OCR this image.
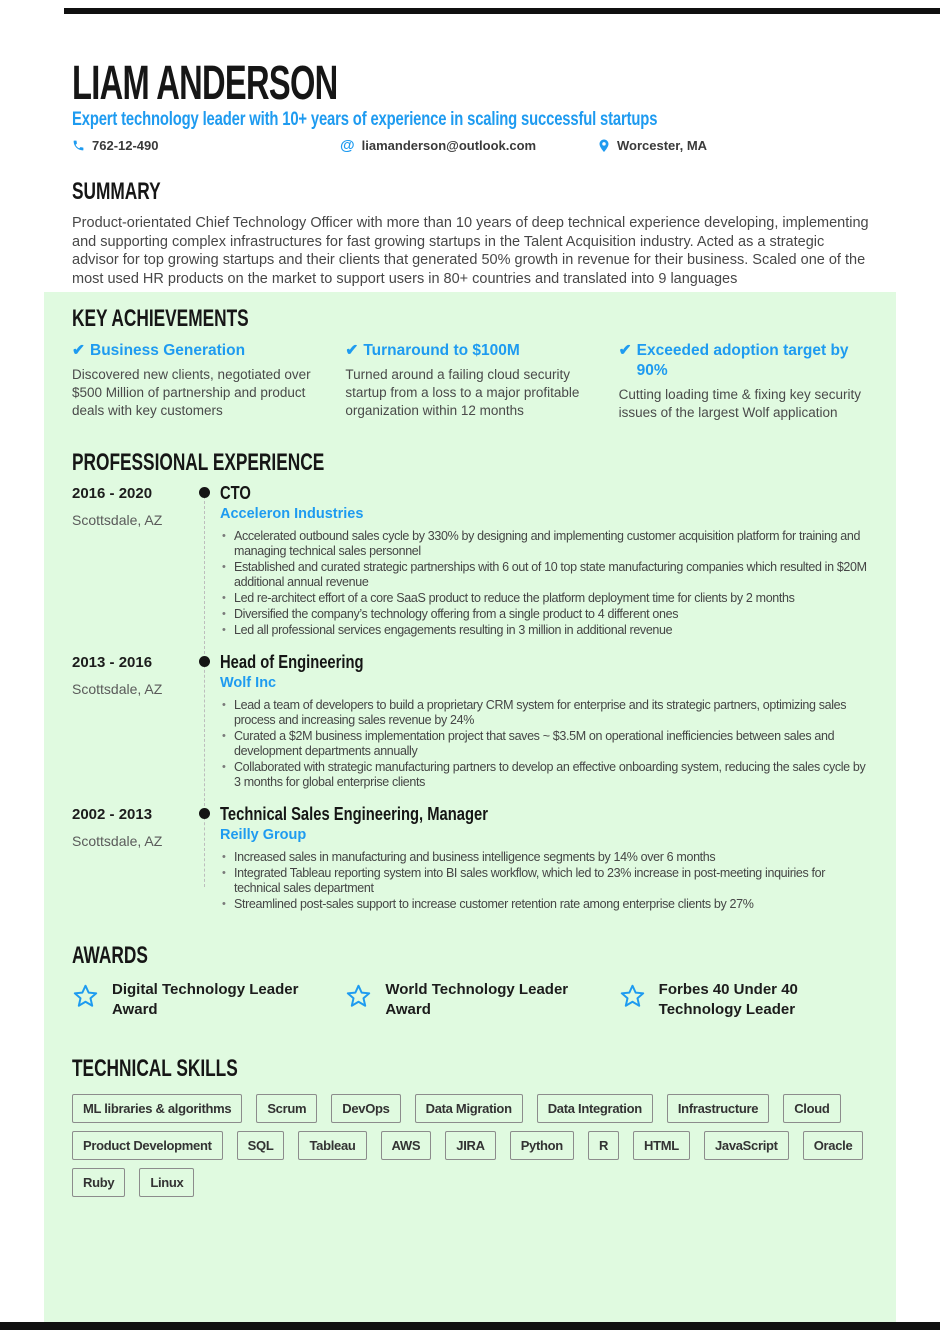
LIAM ANDERSON
Expert technology leader with 10+ years of experience in scaling successful startups
762-12-490	@ liamanderson@outlook.com	Worcester, MA
SUMMARY
Product-orientated Chief Technology Officer with more than 10 years of deep technical experience developing, implementing and supporting complex infrastructures for fast growing startups in the Talent Acquisition industry. Acted as a strategic advisor for top growing startups and their clients that generated 50% growth in revenue for their business. Scaled one of the most used HR products on the market to support users in 80+ countries and translated into 9 languages
KEY ACHIEVEMENTS
✔ Business Generation
Discovered new clients, negotiated over $500 Million of partnership and product deals with key customers
✔ Turnaround to $100M
Turned around a failing cloud security startup from a loss to a major profitable organization within 12 months
✔ Exceeded adoption target by 90%
Cutting loading time & fixing key security issues of the largest Wolf application
PROFESSIONAL EXPERIENCE
2016 - 2020
Scottsdale, AZ
CTO
Acceleron Industries
• Accelerated outbound sales cycle by 330% by designing and implementing customer acquisition platform for training and managing technical sales personnel
• Established and curated strategic partnerships with 6 out of 10 top state manufacturing companies which resulted in $20M additional annual revenue
• Led re-architect effort of a core SaaS product to reduce the platform deployment time for clients by 2 months
• Diversified the company’s technology offering from a single product to 4 different ones
• Led all professional services engagements resulting in 3 million in additional revenue
2013 - 2016
Scottsdale, AZ
Head of Engineering
Wolf Inc
• Lead a team of developers to build a proprietary CRM system for enterprise and its strategic partners, optimizing sales process and increasing sales revenue by 24%
• Curated a $2M business implementation project that saves ~ $3.5M on operational inefficiencies between sales and development departments annually
• Collaborated with strategic manufacturing partners to develop an effective onboarding system, reducing the sales cycle by 3 months for global enterprise clients
2002 - 2013
Scottsdale, AZ
Technical Sales Engineering, Manager
Reilly Group
• Increased sales in manufacturing and business intelligence segments by 14% over 6 months
• Integrated Tableau reporting system into BI sales workflow, which led to 23% increase in post-meeting inquiries for technical sales department
• Streamlined post-sales support to increase customer retention rate among enterprise clients by 27%
AWARDS
Digital Technology Leader Award
World Technology Leader Award
Forbes 40 Under 40 Technology Leader
TECHNICAL SKILLS
ML libraries & algorithms	Scrum	DevOps	Data Migration	Data Integration	Infrastructure	Cloud
Product Development	SQL	Tableau	AWS	JIRA	Python	R	HTML	JavaScript	Oracle
Ruby	Linux
